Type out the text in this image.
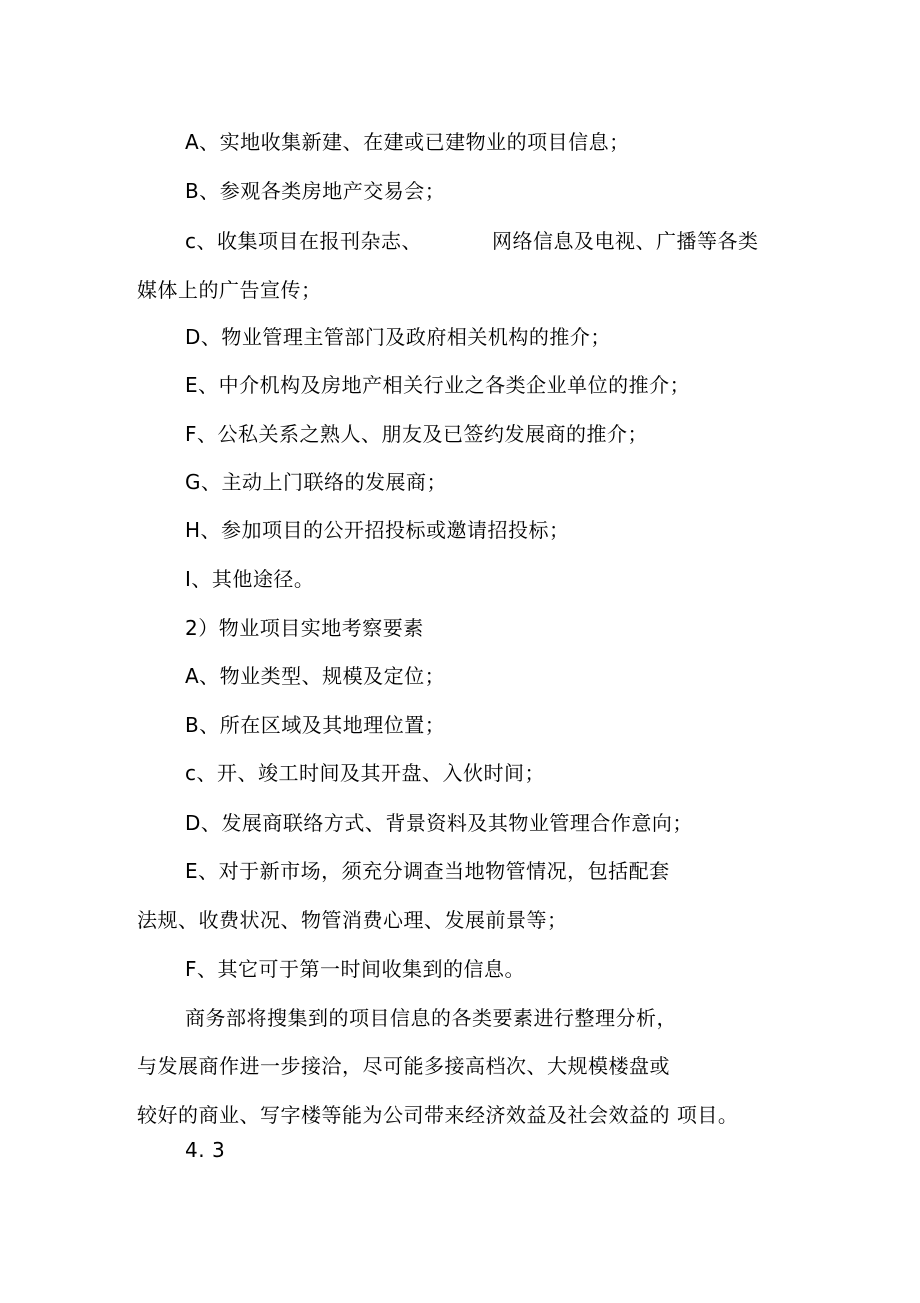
A、实地收集新建、在建或已建物业的项目信息；
B、参观各类房地产交易会；
c、收集项目在报刊杂志、	网络信息及电视、广播等各类
媒体上的广告宣传；
D、物业管理主管部门及政府相关机构的推介；
E、中介机构及房地产相关行业之各类企业单位的推介；
F、公私关系之熟人、朋友及已签约发展商的推介；
G、主动上门联络的发展商；
H、参加项目的公开招投标或邀请招投标；
I、其他途径。
2）物业项目实地考察要素
A、物业类型、规模及定位；
B、所在区域及其地理位置；
c、开、竣工时间及其开盘、入伙时间；
D、发展商联络方式、背景资料及其物业管理合作意向；
E、对于新市场，须充分调查当地物管情况，包括配套
法规、收费状况、物管消费心理、发展前景等；
F、其它可于第一时间收集到的信息。
商务部将搜集到的项目信息的各类要素进行整理分析，
与发展商作进一步接洽，尽可能多接高档次、大规模楼盘或
较好的商业、写字楼等能为公司带来经济效益及社会效益的 项目。
4. 3
